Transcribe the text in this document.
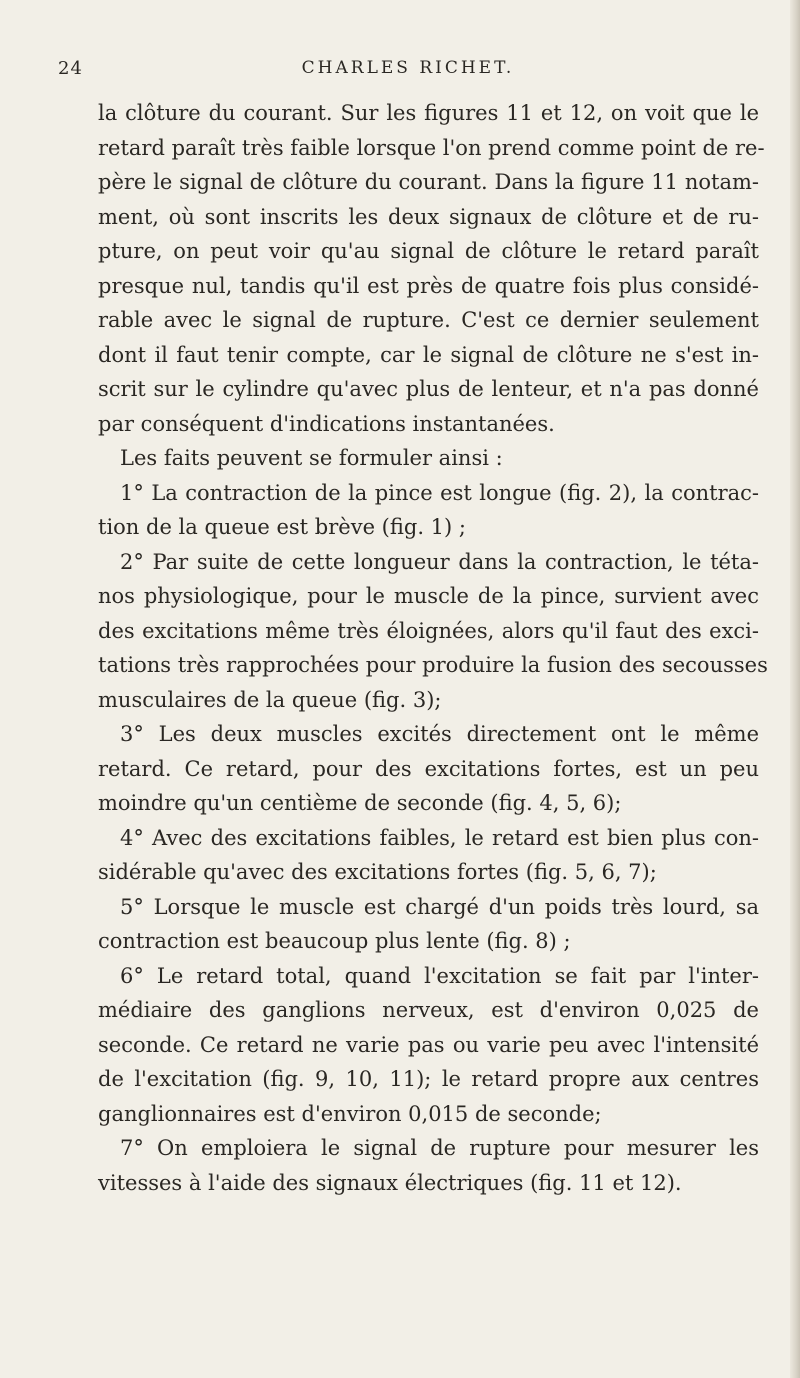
24	CHARLES RICHET.
la clôture du courant. Sur les figures 11 et 12, on voit que le
retard paraît très faible lorsque l'on prend comme point de re-
père le signal de clôture du courant. Dans la figure 11 notam-
ment, où sont inscrits les deux signaux de clôture et de ru-
pture, on peut voir qu'au signal de clôture le retard paraît
presque nul, tandis qu'il est près de quatre fois plus considé-
rable avec le signal de rupture. C'est ce dernier seulement
dont il faut tenir compte, car le signal de clôture ne s'est in-
scrit sur le cylindre qu'avec plus de lenteur, et n'a pas donné
par conséquent d'indications instantanées.
Les faits peuvent se formuler ainsi :
1° La contraction de la pince est longue (fig. 2), la contrac-
tion de la queue est brève (fig. 1) ;
2° Par suite de cette longueur dans la contraction, le téta-
nos physiologique, pour le muscle de la pince, survient avec
des excitations même très éloignées, alors qu'il faut des exci-
tations très rapprochées pour produire la fusion des secousses
musculaires de la queue (fig. 3);
3° Les deux muscles excités directement ont le même
retard. Ce retard, pour des excitations fortes, est un peu
moindre qu'un centième de seconde (fig. 4, 5, 6);
4° Avec des excitations faibles, le retard est bien plus con-
sidérable qu'avec des excitations fortes (fig. 5, 6, 7);
5° Lorsque le muscle est chargé d'un poids très lourd, sa
contraction est beaucoup plus lente (fig. 8) ;
6° Le retard total, quand l'excitation se fait par l'inter-
médiaire des ganglions nerveux, est d'environ 0,025 de
seconde. Ce retard ne varie pas ou varie peu avec l'intensité
de l'excitation (fig. 9, 10, 11); le retard propre aux centres
ganglionnaires est d'environ 0,015 de seconde;
7° On emploiera le signal de rupture pour mesurer les
vitesses à l'aide des signaux électriques (fig. 11 et 12).
